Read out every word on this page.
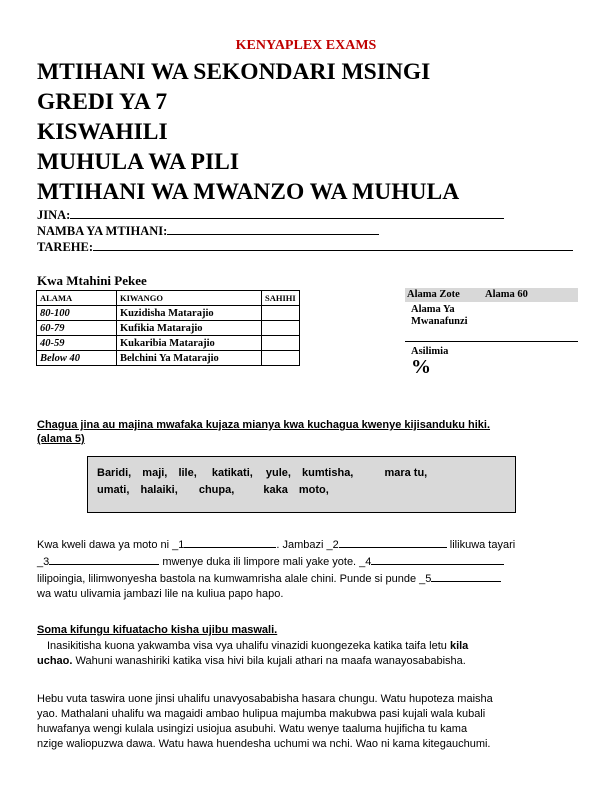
KENYAPLEX EXAMS
MTIHANI WA SEKONDARI MSINGI
GREDI YA 7
KISWAHILI
MUHULA WA PILI
MTIHANI WA MWANZO WA MUHULA
JINA:
NAMBA YA MTIHANI:
TAREHE:
Kwa Mtahini Pekee
ALAMA	KIWANGO	SAHIHI
80-100	Kuzidisha Matarajio	
60-79	Kufikia Matarajio	
40-59	Kukaribia Matarajio	
Below 40	Belchini Ya Matarajio	
Alama Zote Alama 60
Alama Ya
Mwanafunzi
Asilimia
%
Chagua jina au majina mwafaka kujaza mianya kwa kuchagua kwenye kijisanduku hiki.
(alama 5)
Baridi, maji, lile, katikati, yule, kumtisha,	mara tu,
umati, halaiki, chupa,	kaka moto,
Kwa kweli dawa ya moto ni _1	. Jambazi _2	lilikuwa tayari
_3	mwenye duka ili limpore mali yake yote. _4
lilipoingia, lilimwonyesha bastola na kumwamrisha alale chini. Punde si punde _5
wa watu ulivamia jambazi lile na kuliua papo hapo.
Soma kifungu kifuatacho kisha ujibu maswali.
Inasikitisha kuona yakwamba visa vya uhalifu vinazidi kuongezeka katika taifa letu kila
uchao. Wahuni wanashiriki katika visa hivi bila kujali athari na maafa wanayosababisha.
Hebu vuta taswira uone jinsi uhalifu unavyosababisha hasara chungu. Watu hupoteza maisha
yao. Mathalani uhalifu wa magaidi ambao hulipua majumba makubwa pasi kujali wala kubali
huwafanya wengi kulala usingizi usiojua asubuhi. Watu wenye taaluma hujificha tu kama
nzige waliopuzwa dawa. Watu hawa huendesha uchumi wa nchi. Wao ni kama kitegauchumi.
